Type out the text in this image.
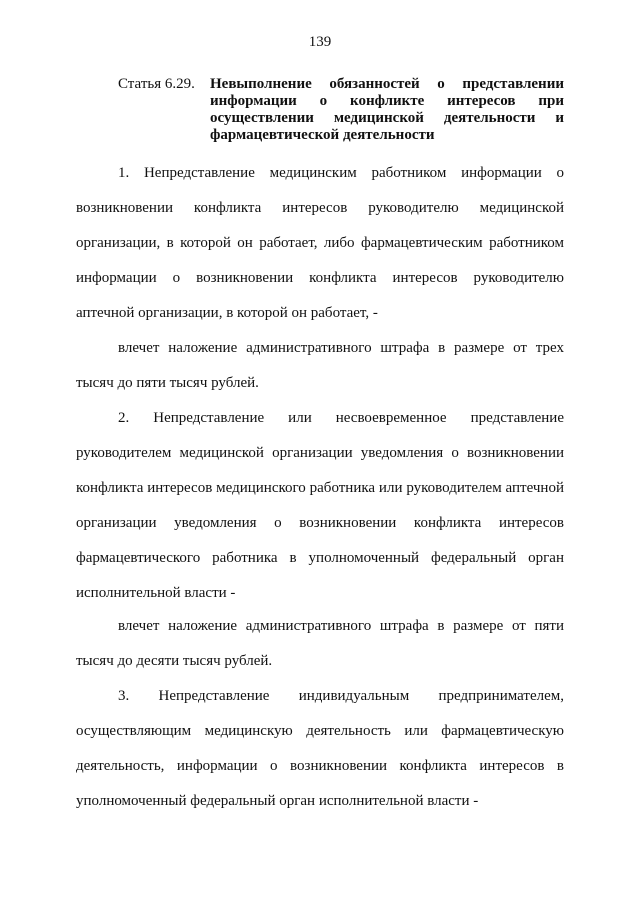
139
Статья 6.29. Невыполнение обязанностей о представлении информации о конфликте интересов при осуществлении медицинской деятельности и фармацевтической деятельности

1. Непредставление медицинским работником информации о возникновении конфликта интересов руководителю медицинской организации, в которой он работает, либо фармацевтическим работником информации о возникновении конфликта интересов руководителю аптечной организации, в которой он работает, -

влечет наложение административного штрафа в размере от трех тысяч до пяти тысяч рублей.

2. Непредставление или несвоевременное представление руководителем медицинской организации уведомления о возникновении конфликта интересов медицинского работника или руководителем аптечной организации уведомления о возникновении конфликта интересов фармацевтического работника в уполномоченный федеральный орган исполнительной власти -

влечет наложение административного штрафа в размере от пяти тысяч до десяти тысяч рублей.

3. Непредставление индивидуальным предпринимателем, осуществляющим медицинскую деятельность или фармацевтическую деятельность, информации о возникновении конфликта интересов в уполномоченный федеральный орган исполнительной власти -
